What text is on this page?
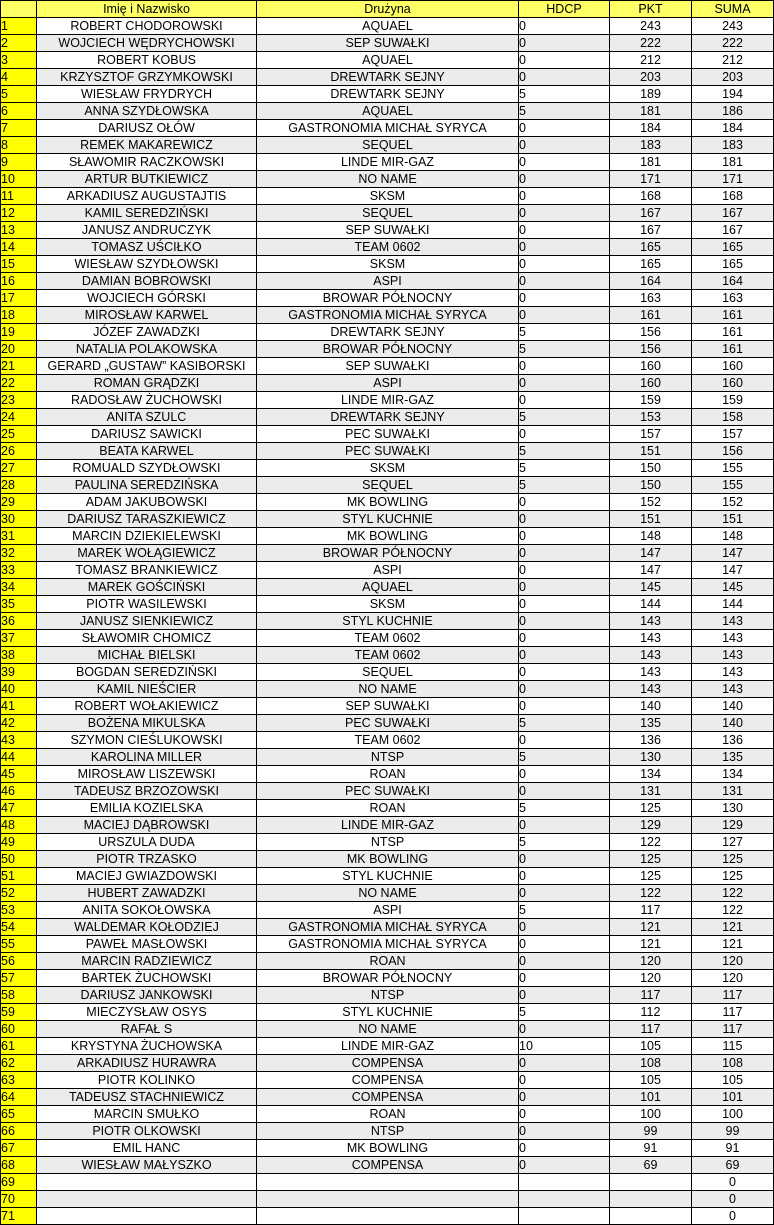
	Imię i Nazwisko	Drużyna	HDCP	PKT	SUMA
1	ROBERT CHODOROWSKI	AQUAEL	0	243	243
2	WOJCIECH WĘDRYCHOWSKI	SEP SUWAŁKI	0	222	222
3	ROBERT KOBUS	AQUAEL	0	212	212
4	KRZYSZTOF GRZYMKOWSKI	DREWTARK SEJNY	0	203	203
5	WIESŁAW FRYDRYCH	DREWTARK SEJNY	5	189	194
6	ANNA SZYDŁOWSKA	AQUAEL	5	181	186
7	DARIUSZ OŁÓW	GASTRONOMIA MICHAŁ SYRYCA	0	184	184
8	REMEK MAKAREWICZ	SEQUEL	0	183	183
9	SŁAWOMIR RACZKOWSKI	LINDE MIR-GAZ	0	181	181
10	ARTUR BUTKIEWICZ	NO NAME	0	171	171
11	ARKADIUSZ AUGUSTAJTIS	SKSM	0	168	168
12	KAMIL SEREDZIŃSKI	SEQUEL	0	167	167
13	JANUSZ ANDRUCZYK	SEP SUWAŁKI	0	167	167
14	TOMASZ UŚCIŁKO	TEAM 0602	0	165	165
15	WIESŁAW SZYDŁOWSKI	SKSM	0	165	165
16	DAMIAN BOBROWSKI	ASPI	0	164	164
17	WOJCIECH GÓRSKI	BROWAR PÓŁNOCNY	0	163	163
18	MIROSŁAW KARWEL	GASTRONOMIA MICHAŁ SYRYCA	0	161	161
19	JÓZEF ZAWADZKI	DREWTARK SEJNY	5	156	161
20	NATALIA POLAKOWSKA	BROWAR PÓŁNOCNY	5	156	161
21	GERARD „GUSTAW” KASIBORSKI	SEP SUWAŁKI	0	160	160
22	ROMAN GRĄDZKI	ASPI	0	160	160
23	RADOSŁAW ŻUCHOWSKI	LINDE MIR-GAZ	0	159	159
24	ANITA SZULC	DREWTARK SEJNY	5	153	158
25	DARIUSZ SAWICKI	PEC SUWAŁKI	0	157	157
26	BEATA KARWEL	PEC SUWAŁKI	5	151	156
27	ROMUALD SZYDŁOWSKI	SKSM	5	150	155
28	PAULINA SEREDZIŃSKA	SEQUEL	5	150	155
29	ADAM JAKUBOWSKI	MK BOWLING	0	152	152
30	DARIUSZ TARASZKIEWICZ	STYL KUCHNIE	0	151	151
31	MARCIN DZIEKIELEWSKI	MK BOWLING	0	148	148
32	MAREK WOŁĄGIEWICZ	BROWAR PÓŁNOCNY	0	147	147
33	TOMASZ BRANKIEWICZ	ASPI	0	147	147
34	MAREK GOŚCIŃSKI	AQUAEL	0	145	145
35	PIOTR WASILEWSKI	SKSM	0	144	144
36	JANUSZ SIENKIEWICZ	STYL KUCHNIE	0	143	143
37	SŁAWOMIR CHOMICZ	TEAM 0602	0	143	143
38	MICHAŁ BIELSKI	TEAM 0602	0	143	143
39	BOGDAN SEREDZIŃSKI	SEQUEL	0	143	143
40	KAMIL NIEŚCIER	NO NAME	0	143	143
41	ROBERT WOŁAKIEWICZ	SEP SUWAŁKI	0	140	140
42	BOŻENA MIKULSKA	PEC SUWAŁKI	5	135	140
43	SZYMON CIEŚLUKOWSKI	TEAM 0602	0	136	136
44	KAROLINA MILLER	NTSP	5	130	135
45	MIROSŁAW LISZEWSKI	ROAN	0	134	134
46	TADEUSZ BRZOZOWSKI	PEC SUWAŁKI	0	131	131
47	EMILIA KOZIELSKA	ROAN	5	125	130
48	MACIEJ DĄBROWSKI	LINDE MIR-GAZ	0	129	129
49	URSZULA DUDA	NTSP	5	122	127
50	PIOTR TRZASKO	MK BOWLING	0	125	125
51	MACIEJ GWIAZDOWSKI	STYL KUCHNIE	0	125	125
52	HUBERT ZAWADZKI	NO NAME	0	122	122
53	ANITA SOKOŁOWSKA	ASPI	5	117	122
54	WALDEMAR KOŁODZIEJ	GASTRONOMIA MICHAŁ SYRYCA	0	121	121
55	PAWEŁ MASŁOWSKI	GASTRONOMIA MICHAŁ SYRYCA	0	121	121
56	MARCIN RADZIEWICZ	ROAN	0	120	120
57	BARTEK ŻUCHOWSKI	BROWAR PÓŁNOCNY	0	120	120
58	DARIUSZ JANKOWSKI	NTSP	0	117	117
59	MIECZYSŁAW OSYS	STYL KUCHNIE	5	112	117
60	RAFAŁ S	NO NAME	0	117	117
61	KRYSTYNA ŻUCHOWSKA	LINDE MIR-GAZ	10	105	115
62	ARKADIUSZ HURAWRA	COMPENSA	0	108	108
63	PIOTR KOLINKO	COMPENSA	0	105	105
64	TADEUSZ STACHNIEWICZ	COMPENSA	0	101	101
65	MARCIN SMUŁKO	ROAN	0	100	100
66	PIOTR OLKOWSKI	NTSP	0	99	99
67	EMIL HANC	MK BOWLING	0	91	91
68	WIESŁAW MAŁYSZKO	COMPENSA	0	69	69
69					0
70					0
71					0
